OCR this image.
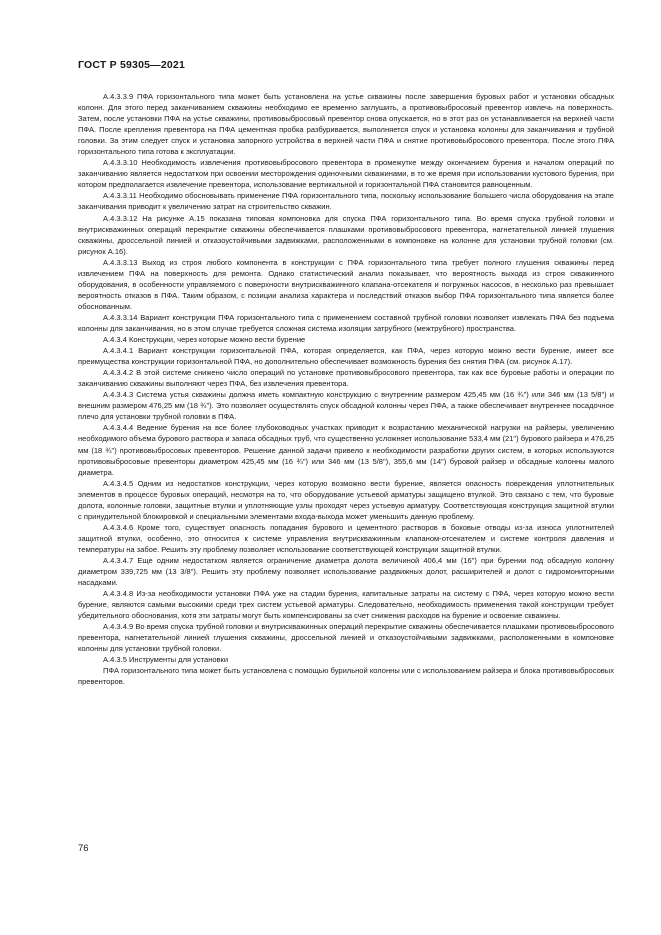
ГОСТ Р 59305—2021

А.4.3.3.9 ПФА горизонтального типа может быть установлена на устье скважины после завершения буровых работ и установки обсадных колонн. Для этого перед заканчиванием скважины необходимо ее временно заглушить, а противовыбросовый превентор извлечь на поверхность. Затем, после установки ПФА на устье скважины, противовыбросовый превентор снова опускается, но в этот раз он устанавливается на верхней части ПФА. После крепления превентора на ПФА цементная пробка разбуривается, выполняется спуск и установка колонны для заканчивания и трубной головки. За этим следует спуск и установка запорного устройства в верхней части ПФА и снятие противовыбросового превентора. После этого ПФА горизонтального типа готова к эксплуатации.

А.4.3.3.10 Необходимость извлечения противовыбросового превентора в промежутке между окончанием бурения и началом операций по заканчиванию является недостатком при освоении месторождения одиночными скважинами, в то же время при использовании кустового бурения, при котором предполагается извлечение превентора, использование вертикальной и горизонтальной ПФА становится равноценным.

А.4.3.3.11 Необходимо обосновывать применение ПФА горизонтального типа, поскольку использование большего числа оборудования на этапе заканчивания приводит к увеличению затрат на строительство скважин.

А.4.3.3.12 На рисунке А.15 показана типовая компоновка для спуска ПФА горизонтального типа. Во время спуска трубной головки и внутрискважинных операций перекрытие скважины обеспечивается плашками противовыбросового превентора, нагнетательной линией глушения скважины, дроссельной линией и отказоустойчивыми задвижками, расположенными в компоновке на колонне для установки трубной головки (см. рисунок А.16).

А.4.3.3.13 Выход из строя любого компонента в конструкции с ПФА горизонтального типа требует полного глушения скважины перед извлечением ПФА на поверхность для ремонта. Однако статистический анализ показывает, что вероятность выхода из строя скважинного оборудования, в особенности управляемого с поверхности внутрискважинного клапана-отсекателя и погружных насосов, в несколько раз превышает вероятность отказов в ПФА. Таким образом, с позиции анализа характера и последствий отказов выбор ПФА горизонтального типа является более обоснованным.

А.4.3.3.14 Вариант конструкции ПФА горизонтального типа с применением составной трубной головки позволяет извлекать ПФА без подъема колонны для заканчивания, но в этом случае требуется сложная система изоляции затрубного (межтрубного) пространства.

А.4.3.4 Конструкции, через которые можно вести бурение

А.4.3.4.1 Вариант конструкции горизонтальной ПФА, которая определяется, как ПФА, через которую можно вести бурение, имеет все преимущества конструкции горизонтальной ПФА, но дополнительно обеспечивает возможность бурения без снятия ПФА (см. рисунок А.17).

А.4.3.4.2 В этой системе снижено число операций по установке противовыбросового превентора, так как все буровые работы и операции по заканчиванию скважины выполняют через ПФА, без извлечения превентора.

А.4.3.4.3 Система устья скважины должна иметь компактную конструкцию с внутренним размером 425,45 мм (16 ¾") или 346 мм (13 5/8") и внешним размером 476,25 мм (18 ¾"). Это позволяет осуществлять спуск обсадной колонны через ПФА, а также обеспечивает внутреннее посадочное плечо для установки трубной головки в ПФА.

А.4.3.4.4 Ведение бурения на все более глубоководных участках приводит к возрастанию механической нагрузки на райзеры, увеличению необходимого объема бурового раствора и запаса обсадных труб, что существенно усложняет использование 533,4 мм (21") бурового райзера и 476,25 мм (18 ¾") противовыбросовых превенторов. Решение данной задачи привело к необходимости разработки других систем, в которых используются противовыбросовые превенторы диаметром 425,45 мм (16 ¾") или 346 мм (13 5/8"), 355,6 мм (14") буровой райзер и обсадные колонны малого диаметра.

А.4.3.4.5 Одним из недостатков конструкции, через которую возможно вести бурение, является опасность повреждения уплотнительных элементов в процессе буровых операций, несмотря на то, что оборудование устьевой арматуры защищено втулкой. Это связано с тем, что буровые долота, колонные головки, защитные втулки и уплотняющие узлы проходят через устьевую арматуру. Соответствующая конструкция защитной втулки с принудительной блокировкой и специальными элементами входа-выхода может уменьшить данную проблему.

А.4.3.4.6 Кроме того, существует опасность попадания бурового и цементного растворов в боковые отводы из-за износа уплотнителей защитной втулки, особенно, это относится к системе управления внутрискважинным клапаном-отсекателем и системе контроля давления и температуры на забое. Решить эту проблему позволяет использование соответствующей конструкции защитной втулки.

А.4.3.4.7 Еще одним недостатком является ограничение диаметра долота величиной 406,4 мм (16") при бурении под обсадную колонну диаметром 339,725 мм (13 3/8"). Решить эту проблему позволяет использование раздвижных долот, расширителей и долот с гидромониторными насадками.

А.4.3.4.8 Из-за необходимости установки ПФА уже на стадии бурения, капитальные затраты на систему с ПФА, через которую можно вести бурение, являются самыми высокими среди трех систем устьевой арматуры. Следовательно, необходимость применения такой конструкции требует убедительного обоснования, хотя эти затраты могут быть компенсированы за счет снижения расходов на бурение и освоение скважины.

А.4.3.4.9 Во время спуска трубной головки и внутрискважинных операций перекрытие скважины обеспечивается плашками противовыбросового превентора, нагнетательной линией глушения скважины, дроссельной линией и отказоустойчивыми задвижками, расположенными в компоновке колонны для установки трубной головки.

А.4.3.5 Инструменты для установки

ПФА горизонтального типа может быть установлена с помощью бурильной колонны или с использованием райзера и блока противовыбросовых превенторов.

76
